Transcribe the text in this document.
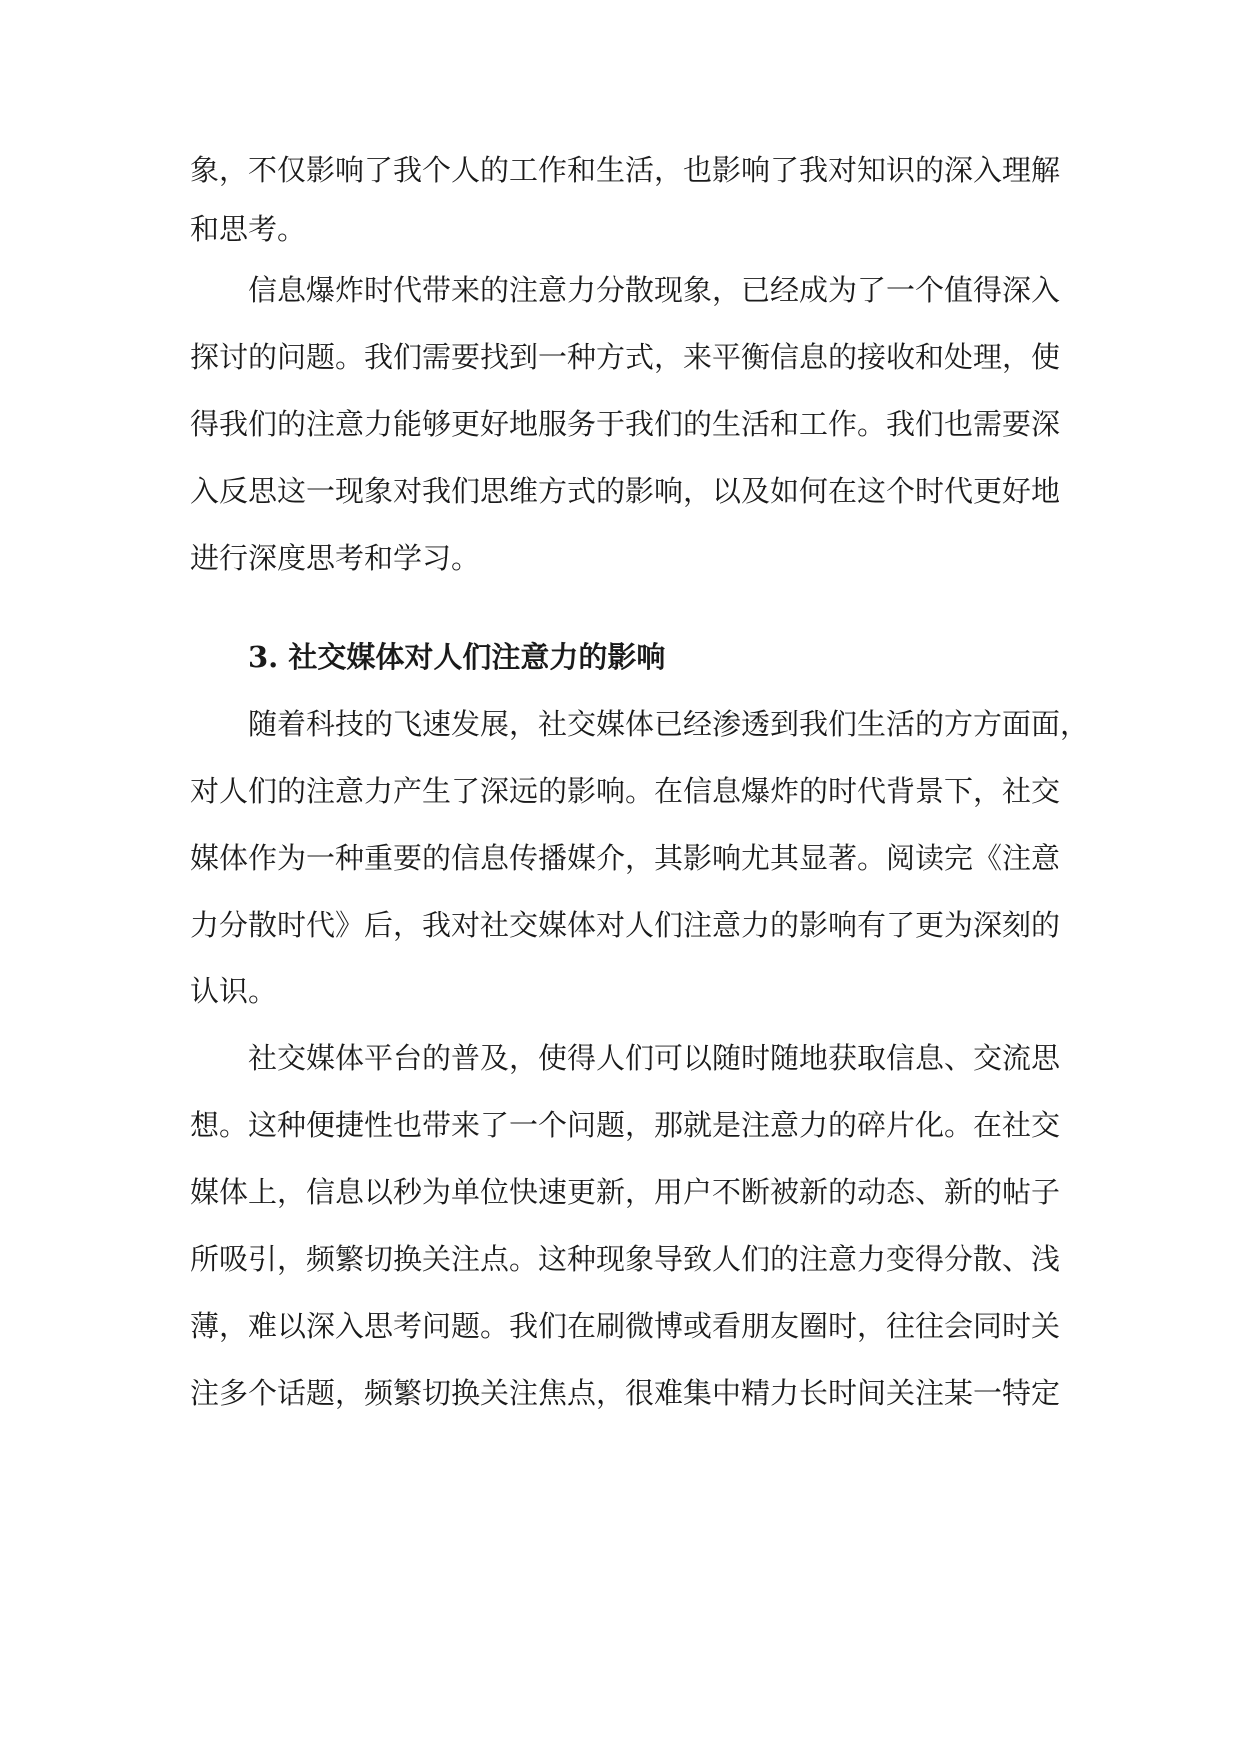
象，不仅影响了我个人的工作和生活，也影响了我对知识的深入理解
和思考。
信息爆炸时代带来的注意力分散现象，已经成为了一个值得深入
探讨的问题。我们需要找到一种方式，来平衡信息的接收和处理，使
得我们的注意力能够更好地服务于我们的生活和工作。我们也需要深
入反思这一现象对我们思维方式的影响，以及如何在这个时代更好地
进行深度思考和学习。
3. 社交媒体对人们注意力的影响
随着科技的飞速发展，社交媒体已经渗透到我们生活的方方面面，
对人们的注意力产生了深远的影响。在信息爆炸的时代背景下，社交
媒体作为一种重要的信息传播媒介，其影响尤其显著。阅读完《注意
力分散时代》后，我对社交媒体对人们注意力的影响有了更为深刻的
认识。
社交媒体平台的普及，使得人们可以随时随地获取信息、交流思
想。这种便捷性也带来了一个问题，那就是注意力的碎片化。在社交
媒体上，信息以秒为单位快速更新，用户不断被新的动态、新的帖子
所吸引，频繁切换关注点。这种现象导致人们的注意力变得分散、浅
薄，难以深入思考问题。我们在刷微博或看朋友圈时，往往会同时关
注多个话题，频繁切换关注焦点，很难集中精力长时间关注某一特定
